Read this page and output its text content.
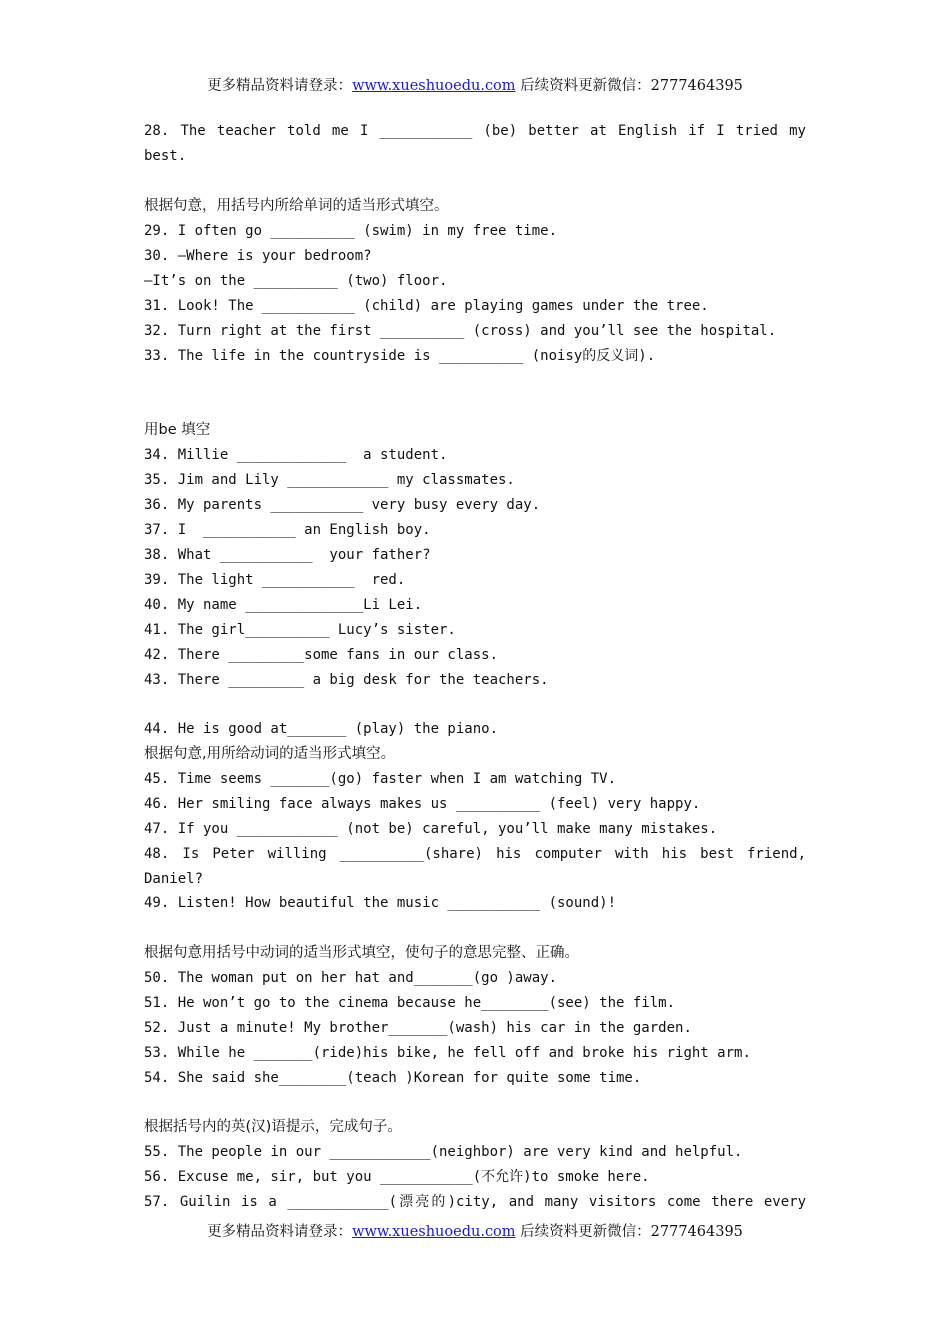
更多精品资料请登录：www.xueshuoedu.com 后续资料更新微信：2777464395
28. The teacher told me I ___________ (be) better at English if I tried my
best.
根据句意，用括号内所给单词的适当形式填空。
29. I often go __________ (swim) in my free time.
30. —Where is your bedroom?
—It’s on the __________ (two) floor.
31. Look! The ___________ (child) are playing games under the tree.
32. Turn right at the first __________ (cross) and you’ll see the hospital.
33. The life in the countryside is __________ (noisy的反义词).
用be 填空
34. Millie _____________  a student.
35. Jim and Lily ____________ my classmates.
36. My parents ___________ very busy every day.
37. I  ___________ an English boy.
38. What ___________  your father?
39. The light ___________  red.
40. My name ______________Li Lei.
41. The girl__________ Lucy’s sister.
42. There _________some fans in our class.
43. There _________ a big desk for the teachers.
44. He is good at_______ (play) the piano.
根据句意,用所给动词的适当形式填空。
45. Time seems _______(go) faster when I am watching TV.
46. Her smiling face always makes us __________ (feel) very happy.
47. If you ____________ (not be) careful, you’ll make many mistakes.
48. Is Peter willing __________(share) his computer with his best friend,
Daniel?
49. Listen! How beautiful the music ___________ (sound)!
根据句意用括号中动词的适当形式填空，使句子的意思完整、正确。
50. The woman put on her hat and_______(go )away.
51. He won’t go to the cinema because he________(see) the film.
52. Just a minute! My brother_______(wash) his car in the garden.
53. While he _______(ride)his bike, he fell off and broke his right arm.
54. She said she________(teach )Korean for quite some time.
根据括号内的英(汉)语提示，完成句子。
55. The people in our ____________(neighbor) are very kind and helpful.
56. Excuse me, sir, but you ___________(不允许)to smoke here.
57. Guilin is a ____________(漂亮的)city, and many visitors come there every
更多精品资料请登录：www.xueshuoedu.com 后续资料更新微信：2777464395
